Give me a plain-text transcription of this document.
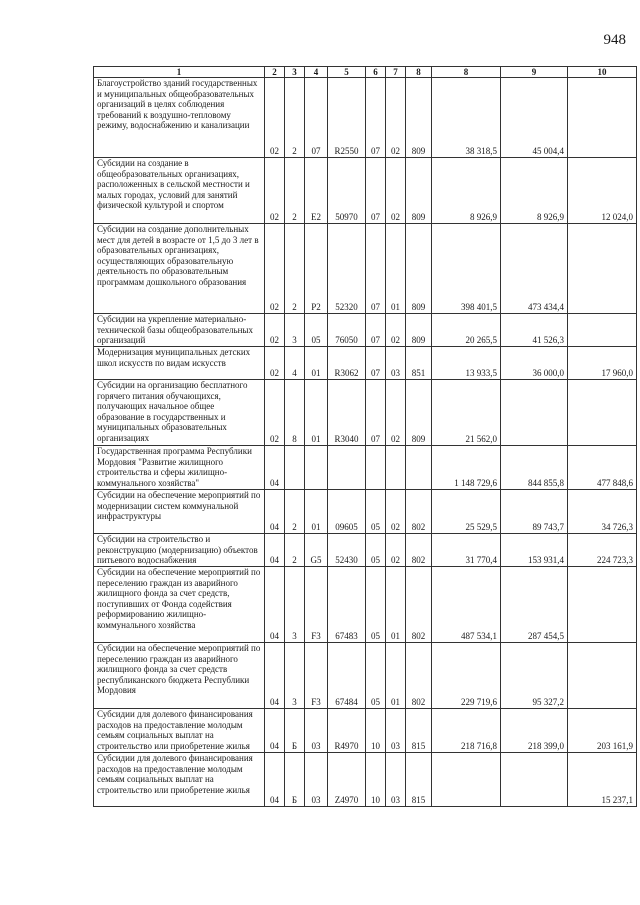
948
1	2	3	4	5	6	7	8	8	9	10
Благоустройство зданий государственных и муниципальных общеобразовательных организаций в целях соблюдения требований к воздушно-тепловому режиму, водоснабжению и канализации	02	2	07	R2550	07	02	809	38 318,5	45 004,4	
Субсидии на создание в общеобразовательных организациях, расположенных в сельской местности и малых городах, условий для занятий физической культурой и спортом	02	2	Е2	50970	07	02	809	8 926,9	8 926,9	12 024,0
Субсидии на создание дополнительных мест для детей в возрасте от 1,5 до 3 лет в образовательных организациях, осуществляющих образовательную деятельность по образовательным программам дошкольного образования	02	2	Р2	52320	07	01	809	398 401,5	473 434,4	
Субсидии на укрепление материально-технической базы общеобразовательных организаций	02	3	05	76050	07	02	809	20 265,5	41 526,3	
Модернизация муниципальных детских школ искусств по видам искусств	02	4	01	R3062	07	03	851	13 933,5	36 000,0	17 960,0
Субсидии на организацию бесплатного горячего питания обучающихся, получающих начальное общее образование в государственных и муниципальных образовательных организациях	02	8	01	R3040	07	02	809	21 562,0		
Государственная программа Республики Мордовия "Развитие жилищного строительства и сферы жилищно-коммунального хозяйства"	04							1 148 729,6	844 855,8	477 848,6
Субсидии на обеспечение мероприятий по модернизации систем коммунальной инфраструктуры	04	2	01	09605	05	02	802	25 529,5	89 743,7	34 726,3
Субсидии на строительство и реконструкцию (модернизацию) объектов питьевого водоснабжения	04	2	G5	52430	05	02	802	31 770,4	153 931,4	224 723,3
Субсидии на обеспечение мероприятий по переселению граждан из аварийного жилищного фонда за счет средств, поступивших от Фонда содействия реформированию жилищно-коммунального хозяйства	04	3	F3	67483	05	01	802	487 534,1	287 454,5	
Субсидии на обеспечение мероприятий по переселению граждан из аварийного жилищного фонда за счет средств республиканского бюджета Республики Мордовия	04	3	F3	67484	05	01	802	229 719,6	95 327,2	
Субсидии для долевого финансирования расходов на предоставление молодым семьям социальных выплат на строительство или приобретение жилья	04	Б	03	R4970	10	03	815	218 716,8	218 399,0	203 161,9
Субсидии для долевого финансирования расходов на предоставление молодым семьям социальных выплат на строительство или приобретение жилья	04	Б	03	Z4970	10	03	815			15 237,1
